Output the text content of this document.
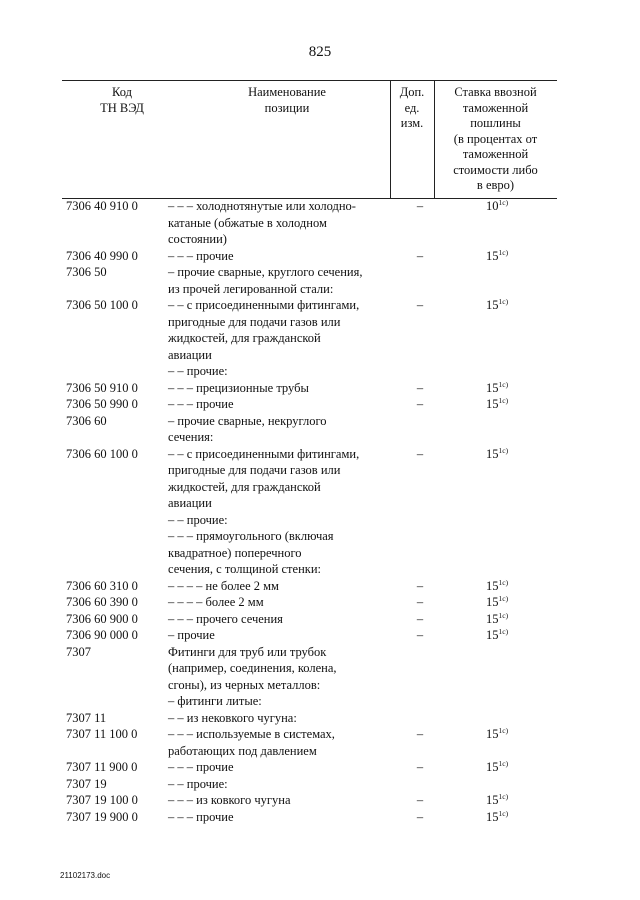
825
Код
ТН ВЭД
Наименование
позиции
Доп.
ед.
изм.
Ставка ввозной
таможенной
пошлины
(в процентах от
таможенной
стоимости либо
в евро)
7306 40 910 0 – – – холоднотянутые или холодно-
катаные (обжатые в холодном
состоянии)
–	$10^{1c)}$
7306 40 990 0 – – – прочие	–	$15^{1c)}$
7306 50	– прочие сварные, круглого сечения,
из прочей легированной стали:
7306 50 100 0 – – с присоединенными фитингами,
пригодные для подачи газов или
жидкостей, для гражданской
авиации
–	$15^{1c)}$
– – прочие:
7306 50 910 0 – – – прецизионные трубы	–	$15^{1c)}$
7306 50 990 0 – – – прочие	–	$15^{1c)}$
7306 60	– прочие сварные, некруглого
сечения:
7306 60 100 0 – – с присоединенными фитингами,
пригодные для подачи газов или
жидкостей, для гражданской
авиации
–	$15^{1c)}$
– – прочие:
– – – прямоугольного (включая
квадратное) поперечного
сечения, с толщиной стенки:
7306 60 310 0 – – – – не более 2 мм	–	$15^{1c)}$
7306 60 390 0 – – – – более 2 мм	–	$15^{1c)}$
7306 60 900 0 – – – прочего сечения	–	$15^{1c)}$
7306 90 000 0 – прочие	–	$15^{1c)}$
7307	Фитинги для труб или трубок
(например, соединения, колена,
сгоны), из черных металлов:
– фитинги литые:
7307 11	– – из нековкого чугуна:
7307 11 100 0 – – – используемые в системах,
работающих под давлением
–	$15^{1c)}$
7307 11 900 0 – – – прочие	–	$15^{1c)}$
7307 19	– – прочие:
7307 19 100 0 – – – из ковкого чугуна	–	$15^{1c)}$
7307 19 900 0 – – – прочие	–	$15^{1c)}$
21102173.doc
